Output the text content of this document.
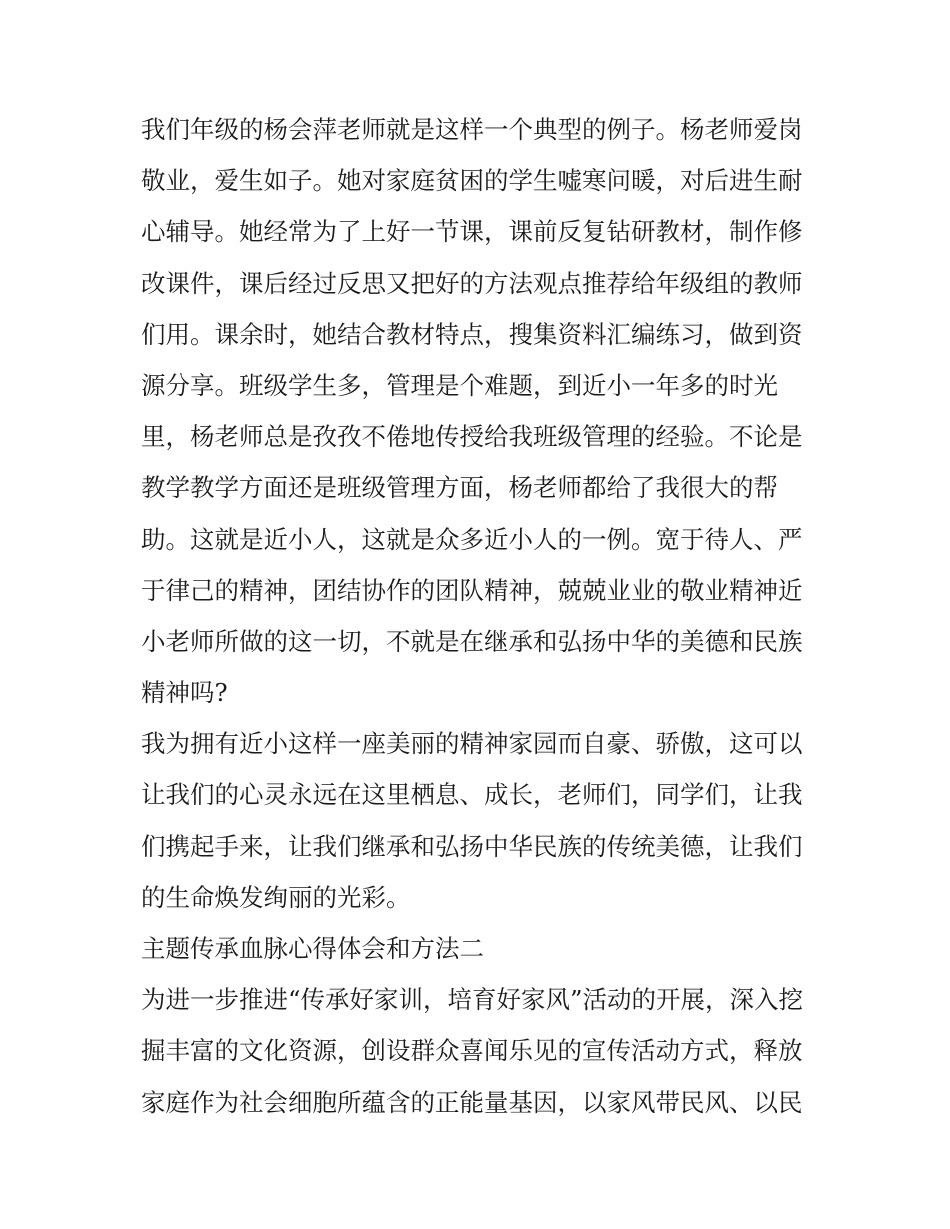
我们年级的杨会萍老师就是这样一个典型的例子。杨老师爱岗
敬业，爱生如子。她对家庭贫困的学生嘘寒问暖，对后进生耐
心辅导。她经常为了上好一节课，课前反复钻研教材，制作修
改课件，课后经过反思又把好的方法观点推荐给年级组的教师
们用。课余时，她结合教材特点，搜集资料汇编练习，做到资
源分享。班级学生多，管理是个难题，到近小一年多的时光
里，杨老师总是孜孜不倦地传授给我班级管理的经验。不论是
教学教学方面还是班级管理方面，杨老师都给了我很大的帮
助。这就是近小人，这就是众多近小人的一例。宽于待人、严
于律己的精神，团结协作的团队精神，兢兢业业的敬业精神近
小老师所做的这一切，不就是在继承和弘扬中华的美德和民族
精神吗?
我为拥有近小这样一座美丽的精神家园而自豪、骄傲，这可以
让我们的心灵永远在这里栖息、成长，老师们，同学们，让我
们携起手来，让我们继承和弘扬中华民族的传统美德，让我们
的生命焕发绚丽的光彩。
主题传承血脉心得体会和方法二
为进一步推进“传承好家训，培育好家风”活动的开展，深入挖
掘丰富的文化资源，创设群众喜闻乐见的宣传活动方式，释放
家庭作为社会细胞所蕴含的正能量基因，以家风带民风、以民
